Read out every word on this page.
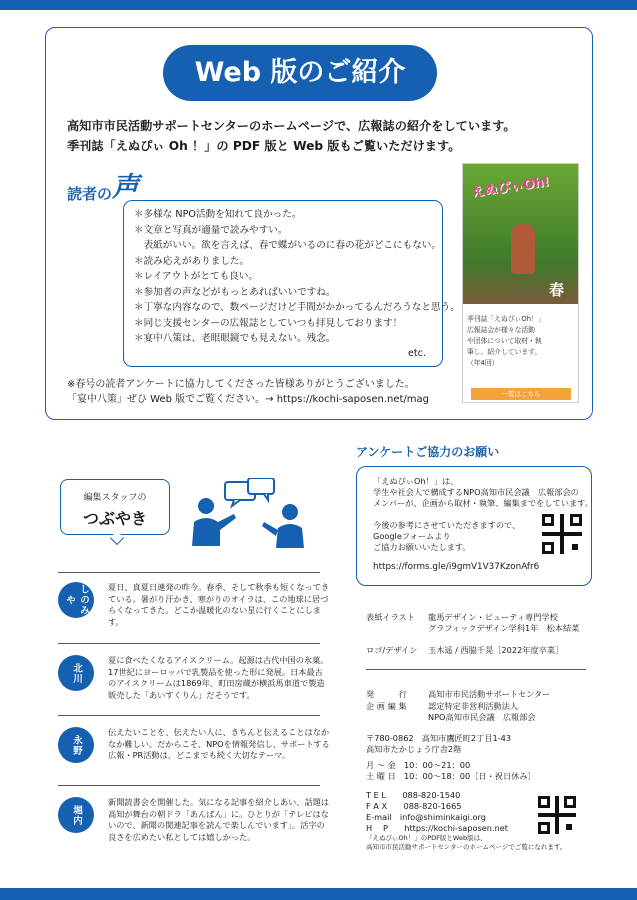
Web 版のご紹介
高知市市民活動サポートセンターのホームページで、広報誌の紹介をしています。
季刊誌「えぬぴぃ Oh ！」の PDF 版と Web 版もご覧いただけます。
読者の声
＊多様な NPO活動を知れて良かった。
＊文章と写真が適量で読みやすい。
　表紙がいい。欲を言えば、春で蝶がいるのに春の花がどこにもない。
＊読み応えがありました。
＊レイアウトがとても良い。
＊参加者の声などがもっとあればいいですね。
＊丁寧な内容なので、数ページだけど手間がかかってるんだろうなと思う。
＊同じ支援センターの広報誌としていつも拝見しております！
＊宴中八策は、老眼眼鏡でも見えない。残念。
etc.
※春号の読者アンケートに協力してくださった皆様ありがとうございました。
「宴中八策」ぜひ Web 版でご覧ください。→ https://kochi-saposen.net/mag
えぬぴぃOh!
春
季刊誌「えぬぴぃOh！」
広報誌会が様々な活動
や団体について取材・執
筆し、紹介しています。
（年4回）
一覧はこちら
アンケートご協力のお願い
「えぬぴぃOh！」は、
学生や社会人で構成するNPO高知市民会議　広報部会の
メンバーが、企画から取材・執筆、編集までをしています。
今後の参考にさせていただきますので、
Googleフォームより
ご協力お願いいたします。
https://forms.gle/i9gmV1V37KzonAfr6
編集スタッフの
つぶやき
しのみや
夏日、真夏日連発の昨今。春季、そして秋季も短くなってきている。暑がり汗かき、寒がりのオイラは、この地球に居づらくなってきた。どこか温暖化のない星に行くことにします。
北川
夏に食べたくなるアイスクリーム。起源は古代中国の氷菓。17世紀にヨーロッパで乳製品を使った形に発展。日本最古のアイスクリームは1869年、町田房蔵が横浜馬車道で製造販売した「あいすくりん」だそうです。
永野
伝えたいことを、伝えたい人に、きちんと伝えることはなかなか難しい。だからこそ、NPOを情報発信し、サポートする広報・PR活動は、どこまでも続く大切なテーマ。
堀内
新聞読書会を開催した。気になる記事を紹介しあい、話題は高知が舞台の朝ドラ「あんぱん」に。ひとりが「テレビはないので、新聞の関連記事を読んで楽しんでいます」。活字の良さを広めたい私としては嬉しかった。
表紙イラスト 龍馬デザイン・ビューティ専門学校
グラフィックデザイン学科1年　松本結菜
ロゴ/デザイン 玉木遥 / 西脇千晃［2022年度卒業］
発　　　行	高知市市民活動サポートセンター
企 画 編 集	認定特定非営利活動法人
NPO高知市民会議　広報部会
〒780-0862　高知市鷹匠町2丁目1-43
高知市たかじょう庁舎2階
月 ～ 金　10：00～21：00
土 曜 日　10：00～18：00［日・祝日休み］
T E L　　088-820-1540
F A X　　088-820-1665
E-mail　info@shiminkaigi.org
H　 P　　https://kochi-saposen.net
「えぬぴぃOh！」のPDF版とWeb版は、
高知市市民活動サポートセンターのホームページでご覧になれます。
